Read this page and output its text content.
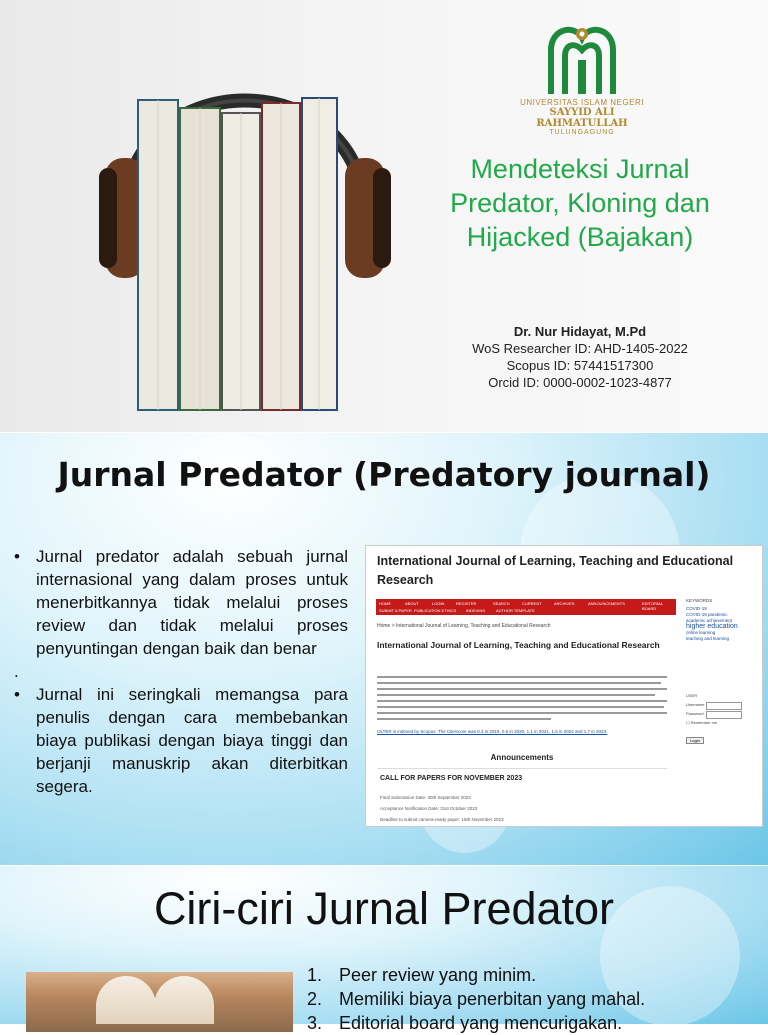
UNIVERSITAS ISLAM NEGERI
SAYYID ALI RAHMATULLAH
TULUNGAGUNG
Mendeteksi Jurnal Predator, Kloning dan Hijacked (Bajakan)
Dr. Nur Hidayat, M.Pd
WoS Researcher ID: AHD-1405-2022
Scopus ID: 57441517300
Orcid ID: 0000-0002-1023-4877
Jurnal Predator (Predatory journal)
• Jurnal predator adalah sebuah jurnal internasional yang dalam proses untuk menerbitkannya tidak melalui proses review dan tidak melalui proses penyuntingan dengan baik dan benar
.
• Jurnal ini seringkali memangsa para penulis dengan cara membebankan biaya publikasi dengan biaya tinggi dan berjanji manuskrip akan diterbitkan segera.
International Journal of Learning, Teaching and Educational Research
HOME	ABOUT	LOGIN	REGISTER	SEARCH	CURRENT	ARCHIVES	ANNOUNCEMENTS	EDITORIAL BOARD
SUBMIT A PAPER PUBLICATION ETHICS INDEXING	AUTHOR TEMPLATE
Home > International Journal of Learning, Teaching and Educational Research
International Journal of Learning, Teaching and Educational Research
IJLTER is indexed by Scopus. The CiteScore was 0.3 in 2019, 0.6 in 2020, 1.1 in 2021, 1.6 in 2022 and 1.7 in 2023.
Announcements
CALL FOR PAPERS FOR NOVEMBER 2023
Final Submission Date: 30th September 2023
Acceptance Notification Date: 31st October 2023
Deadline to submit camera-ready paper: 15th November 2023
KEYWORDS
COVID-19
COVID-19 pandemic
academic achievement
higher education
online learning
teaching and learning
USER
Username
Password
☐ Remember me
Login
Ciri-ciri Jurnal Predator
1. Peer review yang minim.
2. Memiliki biaya penerbitan yang mahal.
3. Editorial board yang mencurigakan.
